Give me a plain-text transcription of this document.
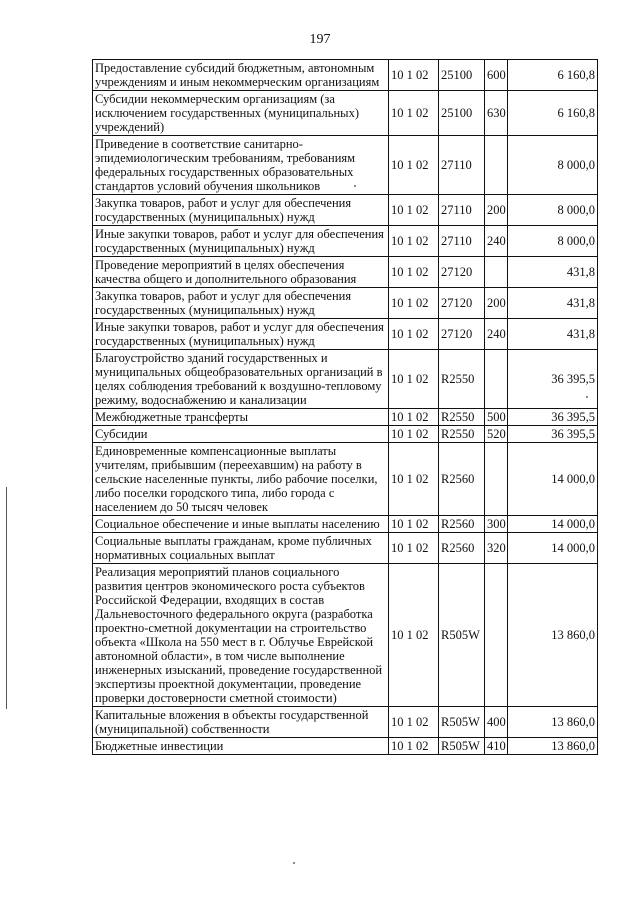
197
Предоставление субсидий бюджетным, автономным учреждениям и иным некоммерческим организациям	10 1 02	25100	600	6 160,8
Субсидии некоммерческим организациям (за исключением государственных (муниципальных) учреждений)	10 1 02	25100	630	6 160,8
Приведение в соответствие санитарно-эпидемиологическим требованиям, требованиям федеральных государственных образовательных стандартов условий обучения школьников	10 1 02	27110		8 000,0
Закупка товаров, работ и услуг для обеспечения государственных (муниципальных) нужд	10 1 02	27110	200	8 000,0
Иные закупки товаров, работ и услуг для обеспечения государственных (муниципальных) нужд	10 1 02	27110	240	8 000,0
Проведение мероприятий в целях обеспечения качества общего и дополнительного образования	10 1 02	27120		431,8
Закупка товаров, работ и услуг для обеспечения государственных (муниципальных) нужд	10 1 02	27120	200	431,8
Иные закупки товаров, работ и услуг для обеспечения государственных (муниципальных) нужд	10 1 02	27120	240	431,8
Благоустройство зданий государственных и муниципальных общеобразовательных организаций в целях соблюдения требований к воздушно-тепловому режиму, водоснабжению и канализации	10 1 02	R2550		36 395,5
Межбюджетные трансферты	10 1 02	R2550	500	36 395,5
Субсидии	10 1 02	R2550	520	36 395,5
Единовременные компенсационные выплаты учителям, прибывшим (переехавшим) на работу в сельские населенные пункты, либо рабочие поселки, либо поселки городского типа, либо города с населением до 50 тысяч человек	10 1 02	R2560		14 000,0
Социальное обеспечение и иные выплаты населению	10 1 02	R2560	300	14 000,0
Социальные выплаты гражданам, кроме публичных нормативных социальных выплат	10 1 02	R2560	320	14 000,0
Реализация мероприятий планов социального развития центров экономического роста субъектов Российской Федерации, входящих в состав Дальневосточного федерального округа (разработка проектно-сметной документации на строительство объекта «Школа на 550 мест в г. Облучье Еврейской автономной области», в том числе выполнение инженерных изысканий, проведение государственной экспертизы проектной документации, проведение проверки достоверности сметной стоимости)	10 1 02	R505W		13 860,0
Капитальные вложения в объекты государственной (муниципальной) собственности	10 1 02	R505W	400	13 860,0
Бюджетные инвестиции	10 1 02	R505W	410	13 860,0
